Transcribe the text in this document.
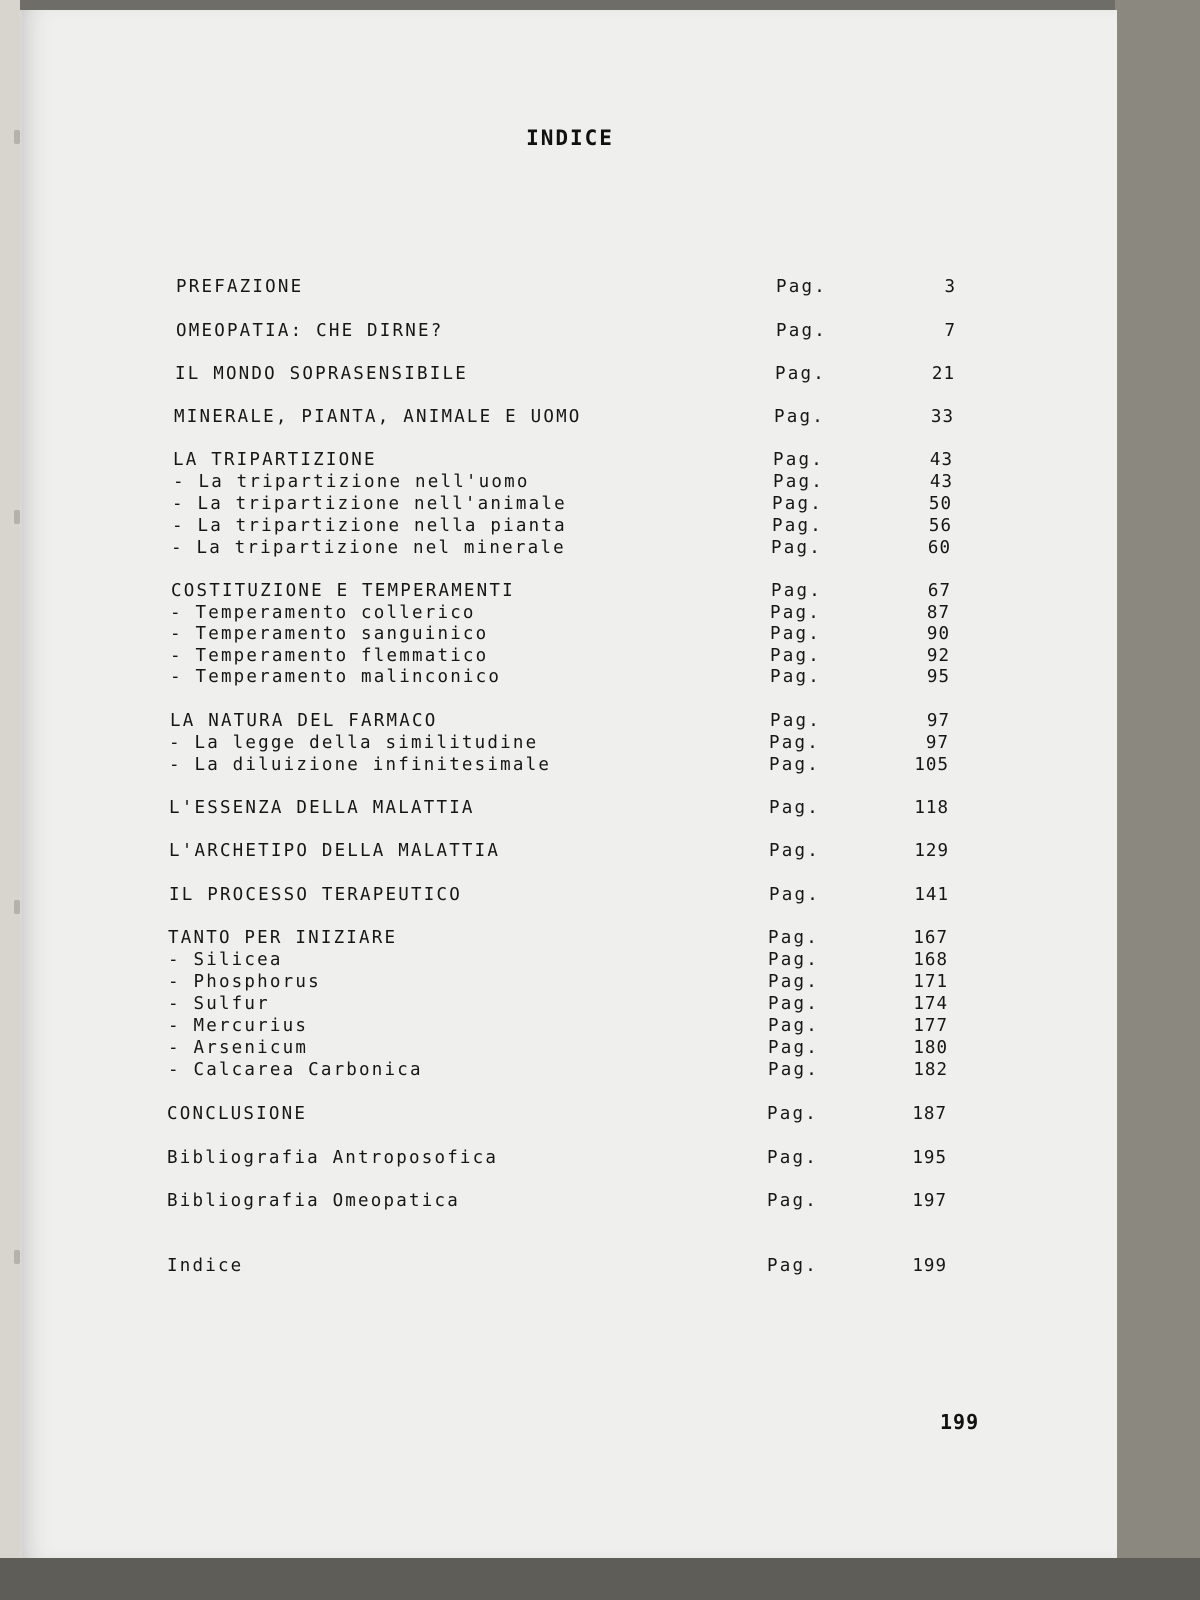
INDICE
PREFAZIONE	Pag.	3
OMEOPATIA: CHE DIRNE?	Pag.	7
IL MONDO SOPRASENSIBILE	Pag.	21
MINERALE, PIANTA, ANIMALE E UOMO	Pag.	33
LA TRIPARTIZIONE	Pag.	43
- La tripartizione nell'uomo	Pag.	43
- La tripartizione nell'animale	Pag.	50
- La tripartizione nella pianta	Pag.	56
- La tripartizione nel minerale	Pag.	60
COSTITUZIONE E TEMPERAMENTI	Pag.	67
- Temperamento collerico	Pag.	87
- Temperamento sanguinico	Pag.	90
- Temperamento flemmatico	Pag.	92
- Temperamento malinconico	Pag.	95
LA NATURA DEL FARMACO	Pag.	97
- La legge della similitudine	Pag.	97
- La diluizione infinitesimale	Pag.	105
L'ESSENZA DELLA MALATTIA	Pag.	118
L'ARCHETIPO DELLA MALATTIA	Pag.	129
IL PROCESSO TERAPEUTICO	Pag.	141
TANTO PER INIZIARE	Pag.	167
- Silicea	Pag.	168
- Phosphorus	Pag.	171
- Sulfur	Pag.	174
- Mercurius	Pag.	177
- Arsenicum	Pag.	180
- Calcarea Carbonica	Pag.	182
CONCLUSIONE	Pag.	187
Bibliografia Antroposofica	Pag.	195
Bibliografia Omeopatica	Pag.	197
Indice	Pag.	199
199
